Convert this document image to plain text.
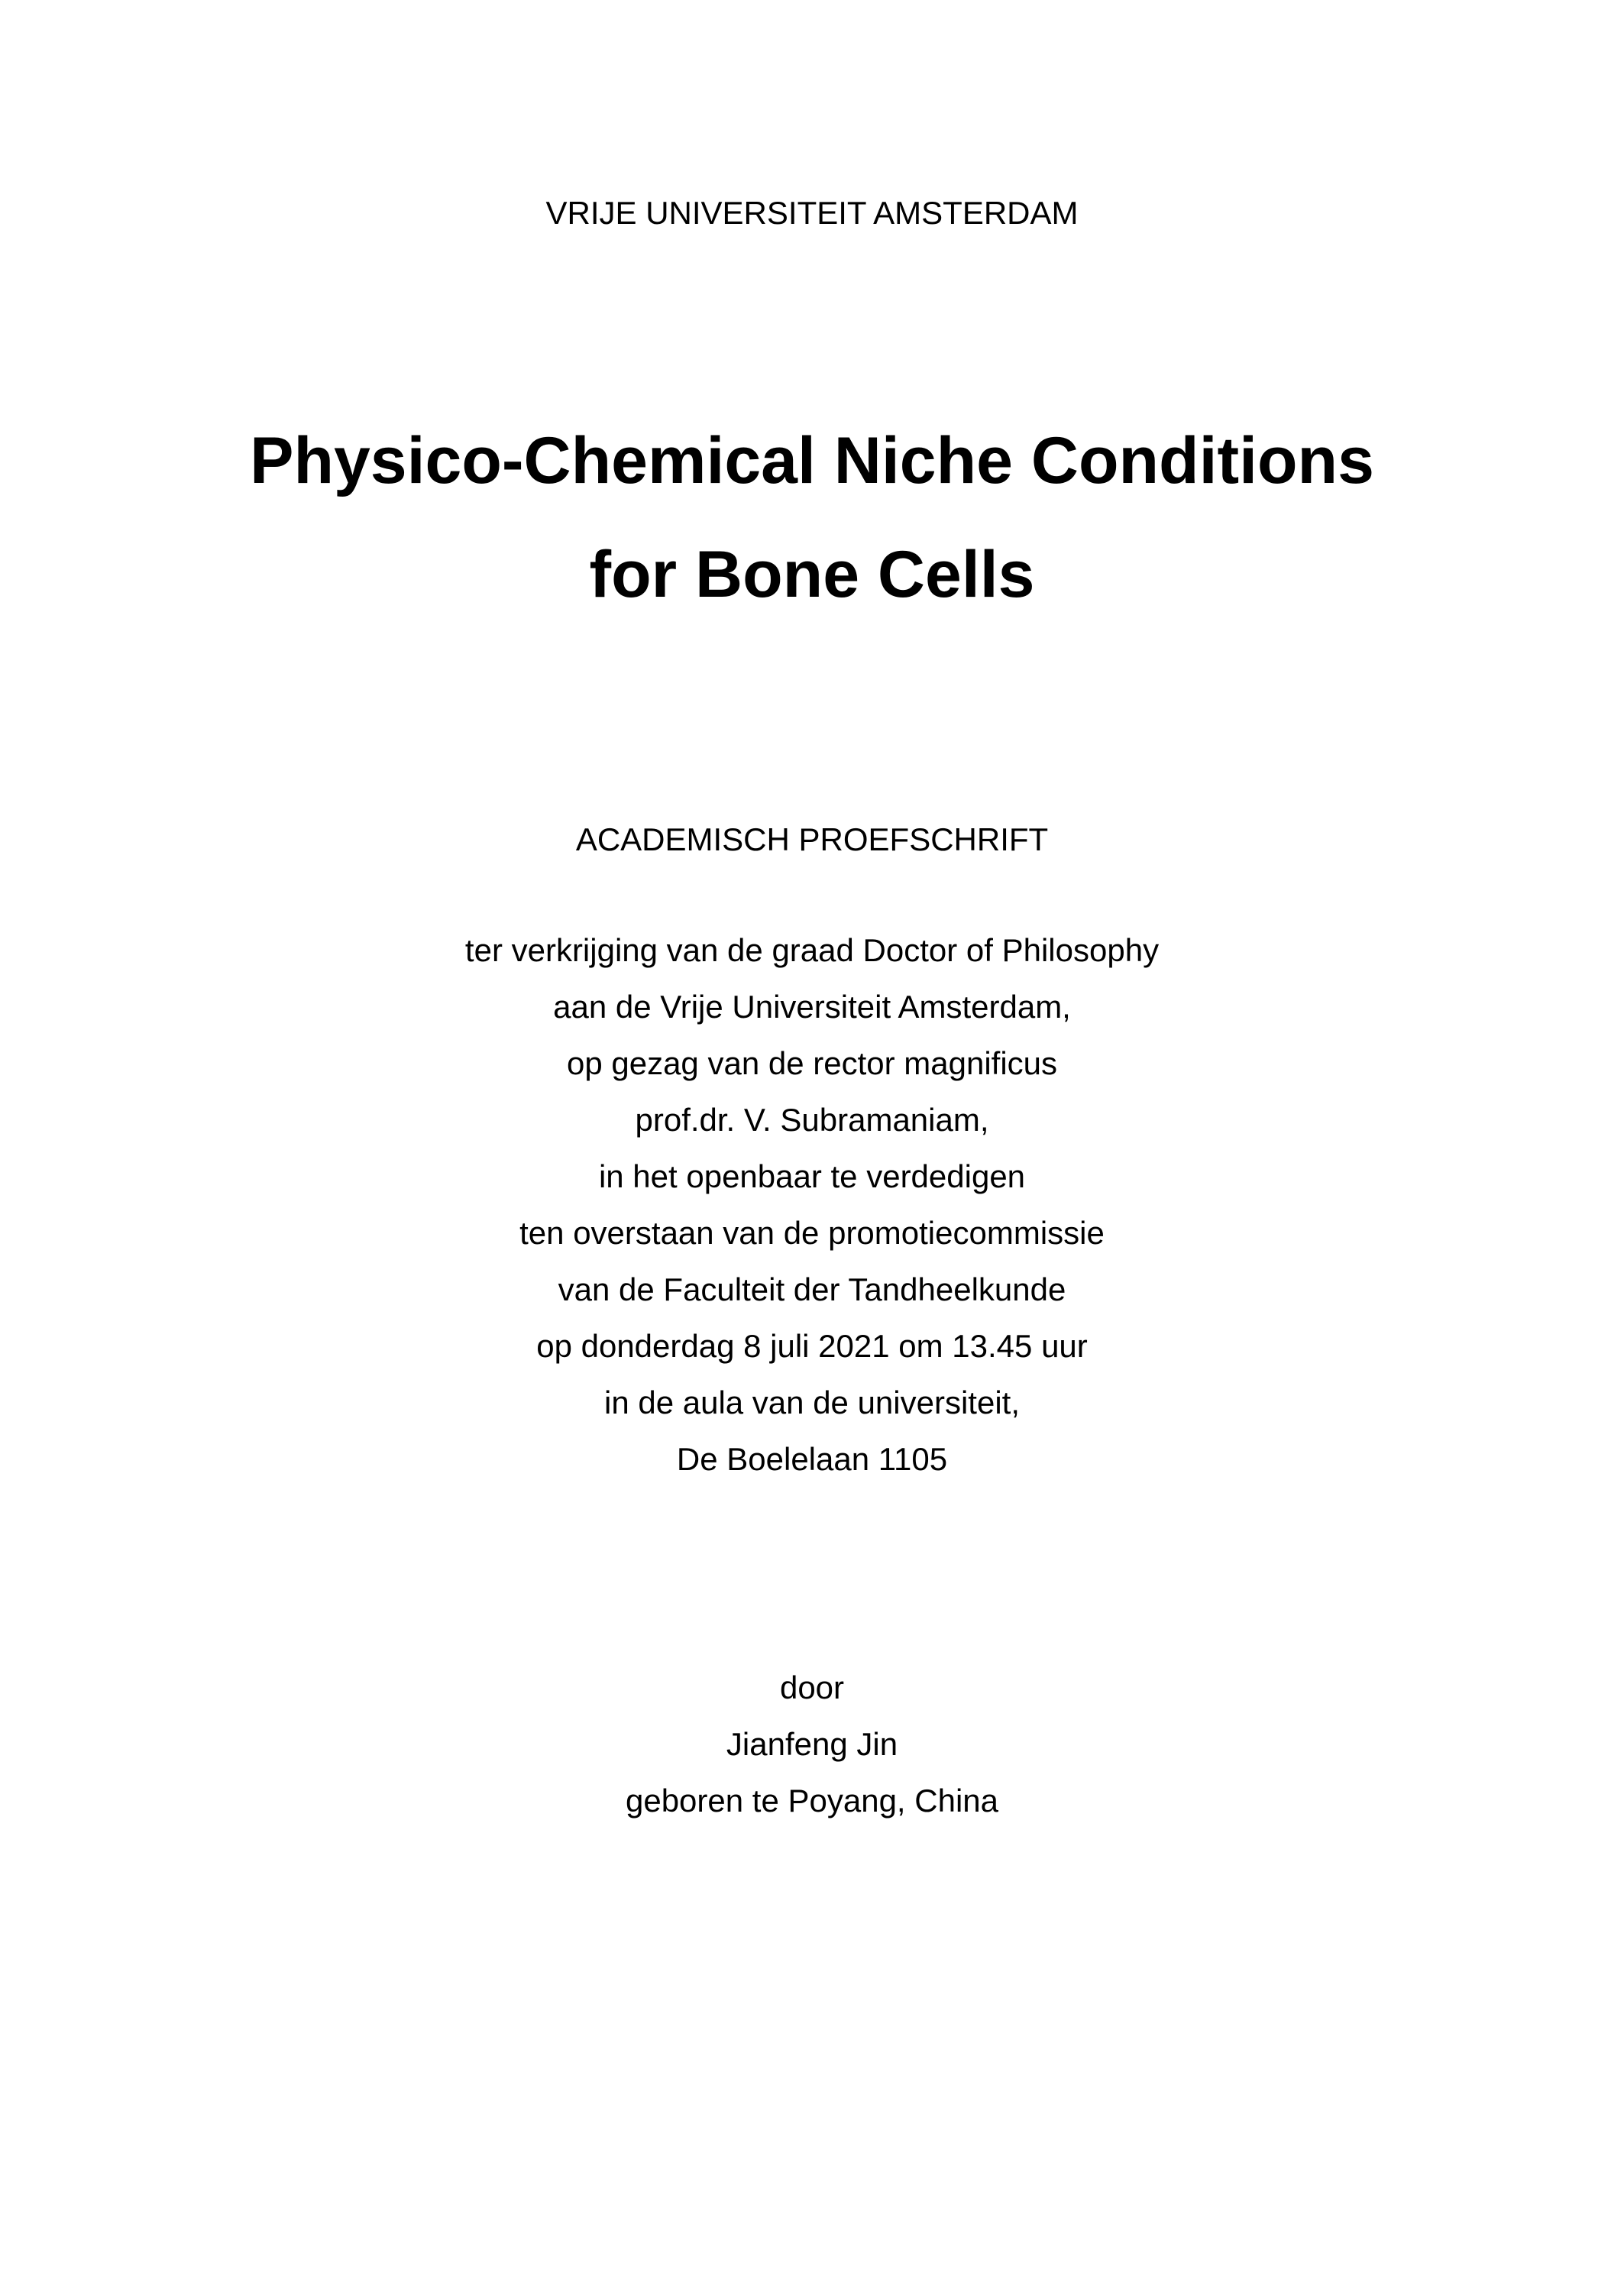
VRIJE UNIVERSITEIT AMSTERDAM
Physico-Chemical Niche Conditions
for Bone Cells
ACADEMISCH PROEFSCHRIFT
ter verkrijging van de graad Doctor of Philosophy
aan de Vrije Universiteit Amsterdam,
op gezag van de rector magnificus
prof.dr. V. Subramaniam,
in het openbaar te verdedigen
ten overstaan van de promotiecommissie
van de Faculteit der Tandheelkunde
op donderdag 8 juli 2021 om 13.45 uur
in de aula van de universiteit,
De Boelelaan 1105
door
Jianfeng Jin
geboren te Poyang, China
